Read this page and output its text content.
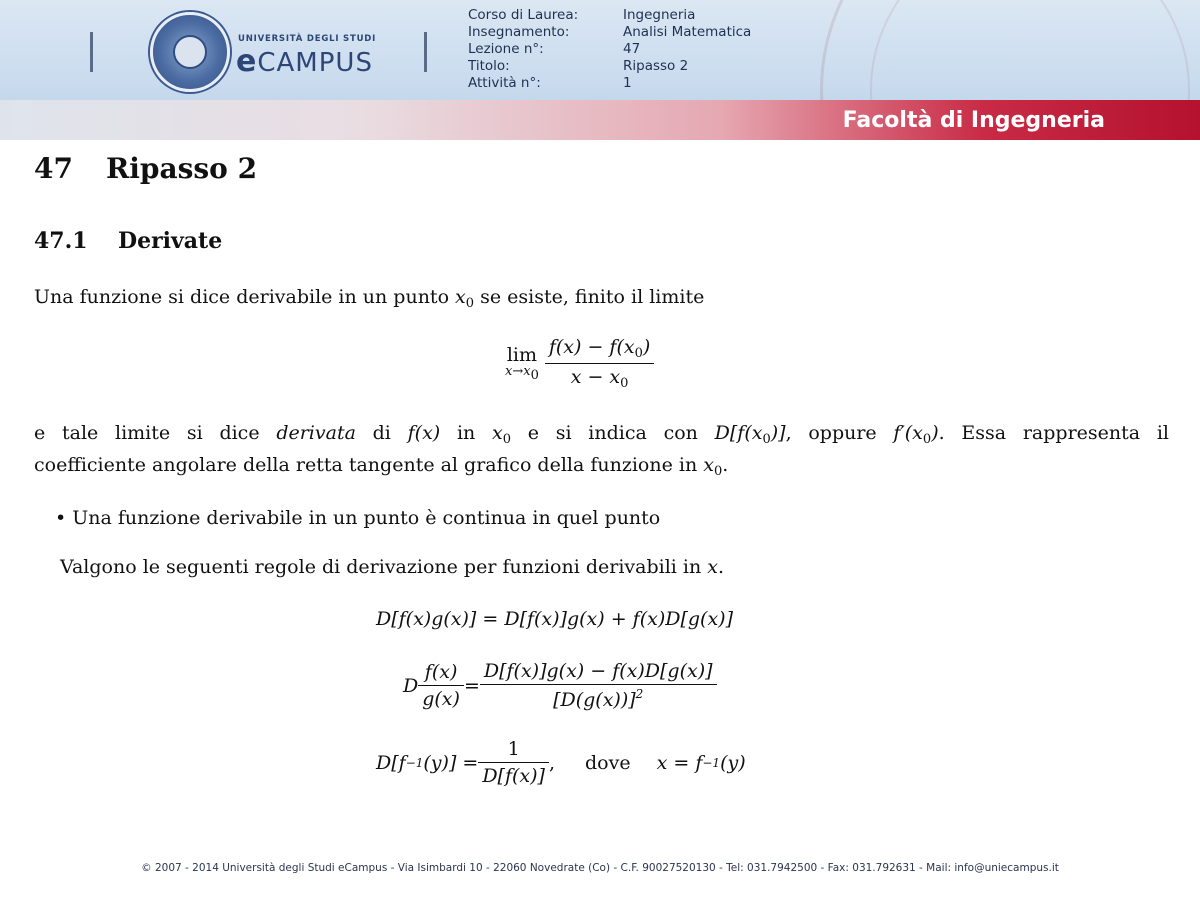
UNIVERSITÀ DEGLI STUDI
eCAMPUS
Corso di Laurea:	Ingegneria
Insegnamento:	Analisi Matematica
Lezione n°:	47
Titolo:	Ripasso 2
Attività n°:	1
Facoltà di Ingegneria
47 Ripasso 2
47.1 Derivate
Una funzione si dice derivabile in un punto $x_0$ se esiste, finito il limite
lim
$x\to x0 \frac{f(x) - f(x_0)}{x - x_0}$
e tale limite si dice derivata di f(x) in $x_0$ e si indica con $D[f(x_0)]$, oppure $f'(x_0)$. Essa rappresenta il
coefficiente angolare della retta tangente al grafico della funzione in $x_0$.
• Una funzione derivabile in un punto è continua in quel punto
Valgono le seguenti regole di derivazione per funzioni derivabili in x.
D[f(x)g(x)] = D[f(x)]g(x) + f(x)D[g(x)]
D $\frac{f(x)}{g(x)} = \frac{D[f(x)]g(x) - f(x)D[g(x)]}{[D(g(x))]^2}$
D[f −1 $(y)] = \frac{1}{D[f(x)]}$ , dove x = f −1 (y)
© 2007 - 2014 Università degli Studi eCampus - Via Isimbardi 10 - 22060 Novedrate (Co) - C.F. 90027520130 - Tel: 031.7942500 - Fax: 031.792631 - Mail: info@uniecampus.it
